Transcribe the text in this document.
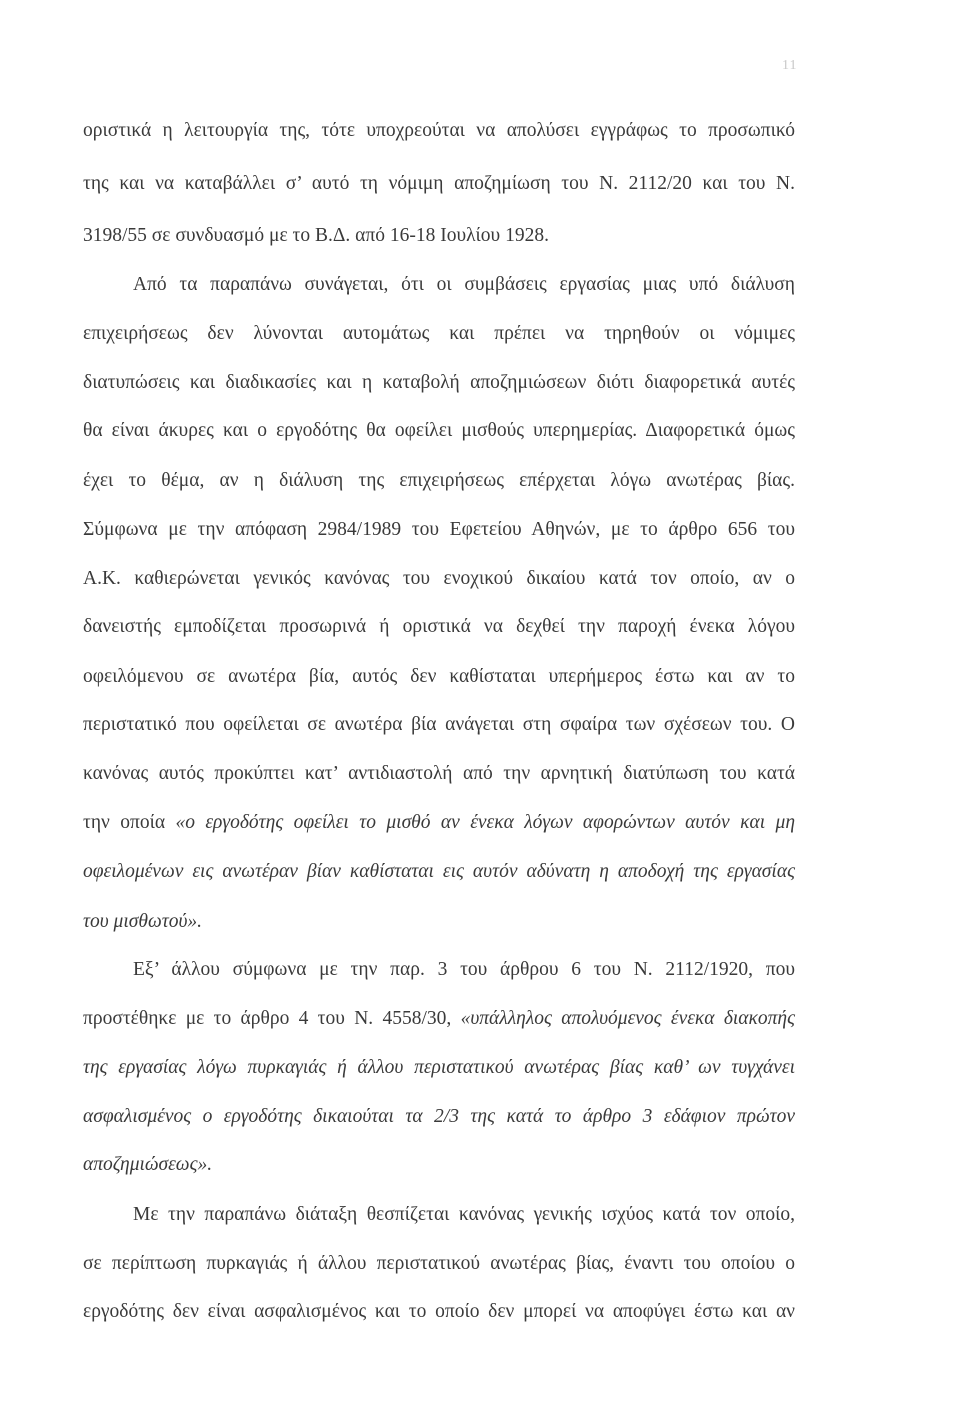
11
οριστικά η λειτουργία της, τότε υποχρεούται να απολύσει εγγράφως το προσωπικό
της και να καταβάλλει σ’ αυτό τη νόμιμη αποζημίωση του Ν. 2112/20 και του Ν.
3198/55 σε συνδυασμό με το Β.Δ. από 16-18 Ιουλίου 1928.
Από τα παραπάνω συνάγεται, ότι οι συμβάσεις εργασίας μιας υπό διάλυση
επιχειρήσεως δεν λύνονται αυτομάτως και πρέπει να τηρηθούν οι νόμιμες
διατυπώσεις και διαδικασίες και η καταβολή αποζημιώσεων διότι διαφορετικά αυτές
θα είναι άκυρες και ο εργοδότης θα οφείλει μισθούς υπερημερίας. Διαφορετικά όμως
έχει το θέμα, αν η διάλυση της επιχειρήσεως επέρχεται λόγω ανωτέρας βίας.
Σύμφωνα με την απόφαση 2984/1989 του Εφετείου Αθηνών, με το άρθρο 656 του
Α.Κ. καθιερώνεται γενικός κανόνας του ενοχικού δικαίου κατά τον οποίο, αν ο
δανειστής εμποδίζεται προσωρινά ή οριστικά να δεχθεί την παροχή ένεκα λόγου
οφειλόμενου σε ανωτέρα βία, αυτός δεν καθίσταται υπερήμερος έστω και αν το
περιστατικό που οφείλεται σε ανωτέρα βία ανάγεται στη σφαίρα των σχέσεων του. Ο
κανόνας αυτός προκύπτει κατ’ αντιδιαστολή από την αρνητική διατύπωση του κατά
την οποία «ο εργοδότης οφείλει το μισθό αν ένεκα λόγων αφορώντων αυτόν και μη
οφειλομένων εις ανωτέραν βίαν καθίσταται εις αυτόν αδύνατη η αποδοχή της εργασίας
του μισθωτού».
Εξ’ άλλου σύμφωνα με την παρ. 3 του άρθρου 6 του Ν. 2112/1920, που
προστέθηκε με το άρθρο 4 του Ν. 4558/30, «υπάλληλος απολυόμενος ένεκα διακοπής
της εργασίας λόγω πυρκαγιάς ή άλλου περιστατικού ανωτέρας βίας καθ’ ων τυγχάνει
ασφαλισμένος ο εργοδότης δικαιούται τα 2/3 της κατά το άρθρο 3 εδάφιον πρώτον
αποζημιώσεως».
Με την παραπάνω διάταξη θεσπίζεται κανόνας γενικής ισχύος κατά τον οποίο,
σε περίπτωση πυρκαγιάς ή άλλου περιστατικού ανωτέρας βίας, έναντι του οποίου ο
εργοδότης δεν είναι ασφαλισμένος και το οποίο δεν μπορεί να αποφύγει έστω και αν
